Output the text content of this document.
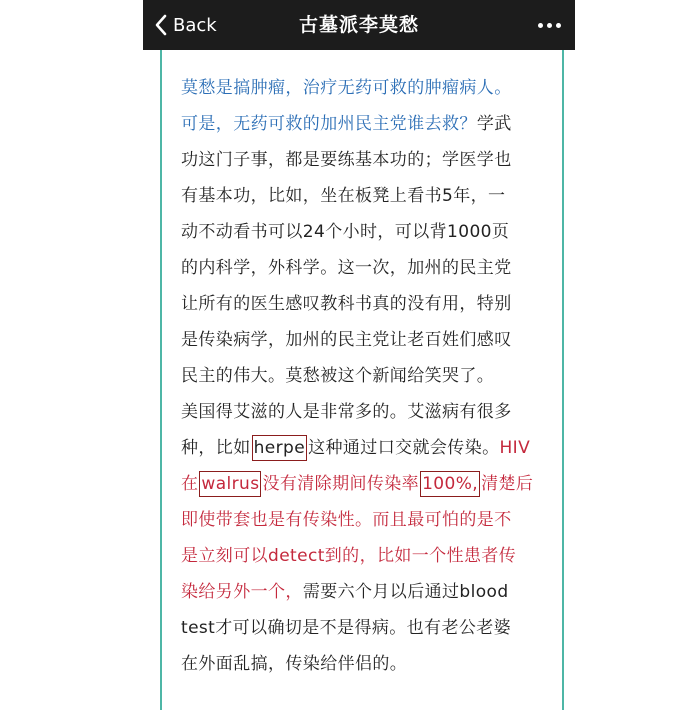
Back	古墓派李莫愁
莫愁是搞肿瘤，治疗无药可救的肿瘤病人。
可是，无药可救的加州民主党谁去救？学武
功这门子事，都是要练基本功的；学医学也
有基本功，比如，坐在板凳上看书5年，一
动不动看书可以24个小时，可以背1000页
的内科学，外科学。这一次，加州的民主党
让所有的医生感叹教科书真的没有用，特别
是传染病学，加州的民主党让老百姓们感叹
民主的伟大。莫愁被这个新闻给笑哭了。
美国得艾滋的人是非常多的。艾滋病有很多
种，比如 herpe 这种通过口交就会传染。HIV
在 walrus 没有清除期间传染率 100%, 清楚后
即使带套也是有传染性。而且最可怕的是不
是立刻可以detect到的，比如一个性患者传
染给另外一个，需要六个月以后通过blood
test才可以确切是不是得病。也有老公老婆
在外面乱搞，传染给伴侣的。
